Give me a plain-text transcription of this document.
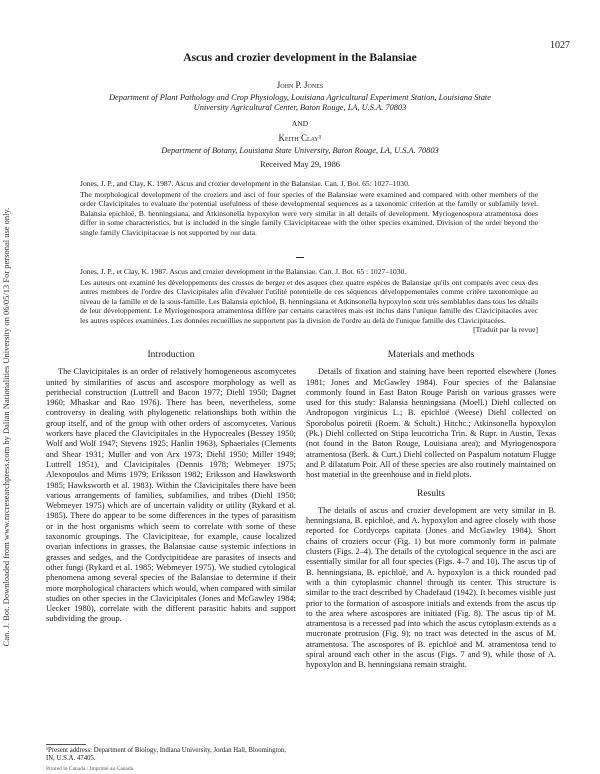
1027
Can. J. Bot. Downloaded from www.nrcresearchpress.com by Dalian Nationalities University on 06/05/13 For personal use only.
Ascus and crozier development in the Balansiae
John P. Jones
Department of Plant Pathology and Crop Physiology, Louisiana Agricultural Experiment Station, Louisiana State
University Agricultural Center, Baton Rouge, LA, U.S.A. 70803
AND
Keith Clay¹
Department of Botany, Louisiana State University, Baton Rouge, LA, U.S.A. 70803
Received May 29, 1986
Jones, J. P., and Clay, K. 1987. Ascus and crozier development in the Balansiae. Can. J. Bot. 65: 1027–1030.
The morphological development of the croziers and asci of four species of the Balansiae were examined and compared with other members of the order Clavicipitales to evaluate the potential usefulness of these developmental sequences as a taxonomic criterion at the family or subfamily level. Balansia epichloë, B. henningsiana, and Atkinsonella hypoxylon were very similar in all details of development. Myriogenospora atramentosa does differ in some characteristics, but is included in the single family Clavicipitaceae with the other species examined. Division of the order beyond the single family Clavicipitaceae is not supported by our data.
Jones, J. P., et Clay, K. 1987. Ascus and crozier development in the Balansiae. Can. J. Bot. 65 : 1027–1030.
Les auteurs ont examiné les développements des crosses de berger et des asques chez quatre espèces de Balansiae qu'ils ont comparés avec ceux des autres membres de l'ordre des Clavicipitales afin d'évaluer l'utilité potentielle de ces séquences développementales comme critère taxonomique au niveau de la famille et de la sous-famille. Les Balansia epichloë, B. henningsiana et Atkinsonella hypoxylon sont très semblables dans tous les détails de leur développement. Le Myriogenospora atramentosa diffère par certains caractères mais est inclus dans l'unique famille des Clavicipitacées avec les autres espèces examinées. Les données recueillies ne supportent pas la division de l'ordre au delà de l'unique famille des Clavicipitacées.
[Traduit par la revue]
Introduction

The Clavicipitales is an order of relatively homogeneous ascomycetes united by similarities of ascus and ascospore morphology as well as perithecial construction (Luttrell and Bacon 1977; Diehl 1950; Dagnet 1960; Mhaskar and Rao 1976). There has been, nevertheless, some controversy in dealing with phylogenetic relationships both within the group itself, and of the group with other orders of ascomycetes. Various workers have placed the Clavicipitales in the Hypocreales (Bessey 1950; Wolf and Wolf 1947; Stevens 1925; Hanlin 1963), Sphaeriales (Clements and Shear 1931; Muller and von Arx 1973; Diehl 1950; Miller 1949; Luttrell 1951), and Clavicipitales (Dennis 1978; Webmeyer 1975; Alexopoulos and Mims 1979; Eriksson 1982; Eriksson and Hawksworth 1985; Hawksworth et al. 1983). Within the Clavicipitales there have been various arrangements of families, subfamilies, and tribes (Diehl 1950; Webmeyer 1975) which are of uncertain validity or utility (Rykard et al. 1985). There do appear to be some differences in the types of parasitism or in the host organisms which seem to correlate with some of these taxonomic groupings. The Clavicipiteae, for example, cause localized ovarian infections in grasses, the Balansiae cause systemic infections in grasses and sedges, and the Cordycipitideae are parasites of insects and other fungi (Rykard et al. 1985; Webmeyer 1975). We studied cytological phenomena among several species of the Balansiae to determine if their more morphological characters which would, when compared with similar studies on other species in the Clavicipitales (Jones and McGawley 1984; Uecker 1980), correlate with the different parasitic habits and support subdividing the group.

¹Present address: Department of Biology, Indiana University, Jordan Hall, Bloomington, IN, U.S.A. 47405.
Printed in Canada / Imprimé au Canada
Materials and methods

Details of fixation and staining have been reported elsewhere (Jones 1981; Jones and McGawley 1984). Four species of the Balansiae commonly found in East Baton Rouge Parish on various grasses were used for this study: Balansia henningsiana (Moell.) Diehl collected on Andropogon virginicus L.; B. epichloë (Weese) Diehl collected on Sporobolus poiretii (Roem. & Schult.) Hitchc.; Atkinsonella hypoxylon (Pk.) Diehl collected on Stipa leucotricha Trin. & Rupr. in Austin, Texas (not found in the Baton Rouge, Louisiana area); and Myriogenospora atramentosa (Berk. & Curt.) Diehl collected on Paspalum notatum Flugge and P. dilatatum Poir. All of these species are also routinely maintained on host material in the greenhouse and in field plots.

Results

The details of ascus and crozier development are very similar in B. henningsiana, B. epichloë, and A. hypoxylon and agree closely with those reported for Cordyceps capitata (Jones and McGawley 1984). Short chains of croziers occur (Fig. 1) but more commonly form in palmate clusters (Figs. 2–4). The details of the cytological sequence in the asci are essentially similar for all four species (Figs. 4–7 and 10). The ascus tip of B. henningsiana, B. epichloë, and A. hypoxylon is a thick rounded pad with a thin cytoplasmic channel through its center. This structure is similar to the tract described by Chadefaud (1942). It becomes visible just prior to the formation of ascospore initials and extends from the ascus tip to the area where ascospores are initiated (Fig. 8). The ascus tip of M. atramentosa is a recessed pad into which the ascus cytoplasm extends as a mucronate protrusion (Fig. 9); no tract was detected in the ascus of M. atramentosa. The ascospores of B. epichloë and M. atramentosa tend to spiral around each other in the ascus (Figs. 7 and 9), while those of A. hypoxylon and B. henningsiana remain straight.
